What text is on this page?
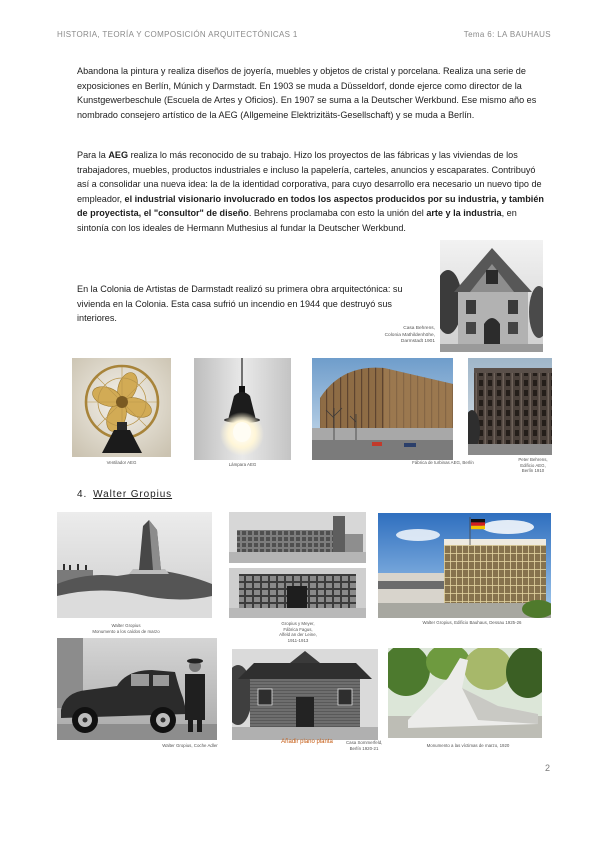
HISTORIA, TEORÍA Y COMPOSICIÓN ARQUITECTÓNICAS 1	Tema 6: LA BAUHAUS
Abandona la pintura y realiza diseños de joyería, muebles y objetos de cristal y porcelana. Realiza una serie de exposiciones en Berlín, Múnich y Darmstadt. En 1903 se muda a Düsseldorf, donde ejerce como director de la Kunstgewerbeschule (Escuela de Artes y Oficios). En 1907 se suma a la Deutscher Werkbund. Ese mismo año es nombrado consejero artístico de la AEG (Allgemeine Elektrizitäts-Gesellschaft) y se muda a Berlín.
Para la AEG realiza lo más reconocido de su trabajo. Hizo los proyectos de las fábricas y las viviendas de los trabajadores, muebles, productos industriales e incluso la papelería, carteles, anuncios y escaparates. Contribuyó así a consolidar una nueva idea: la de la identidad corporativa, para cuyo desarrollo era necesario un nuevo tipo de empleador, el industrial visionario involucrado en todos los aspectos producidos por su industria, y también de proyectista, el "consultor" de diseño. Behrens proclamaba con esto la unión del arte y la industria, en sintonía con los ideales de Hermann Muthesius al fundar la Deutscher Werkbund.
En la Colonia de Artistas de Darmstadt realizó su primera obra arquitectónica: su vivienda en la Colonia. Esta casa sufrió un incendio en 1944 que destruyó sus interiores.
Casa Behrens,
Colonia Mathildenhöhe,
Darmstadt 1901
Ventilador AEG	Lámpara AEG	Fábrica de turbinas AEG, Berlín
Peter Behrens,
Edificio AEG,
Berlín 1910
4. Walter Gropius
Walter Gropius
Monumento a los caídos de marzo
Gropius y Meyer,
Fábrica Fagus,
Alfeld an der Leine,
1911-1913
Walter Gropius, Edificio Bauhaus, Dessau 1925-26
Walter Gropius, Coche Adler
Añadir plano planta	Casa Sommerfeld,
Berlín 1920-21
Monumento a las víctimas de marzo, 1920
2
